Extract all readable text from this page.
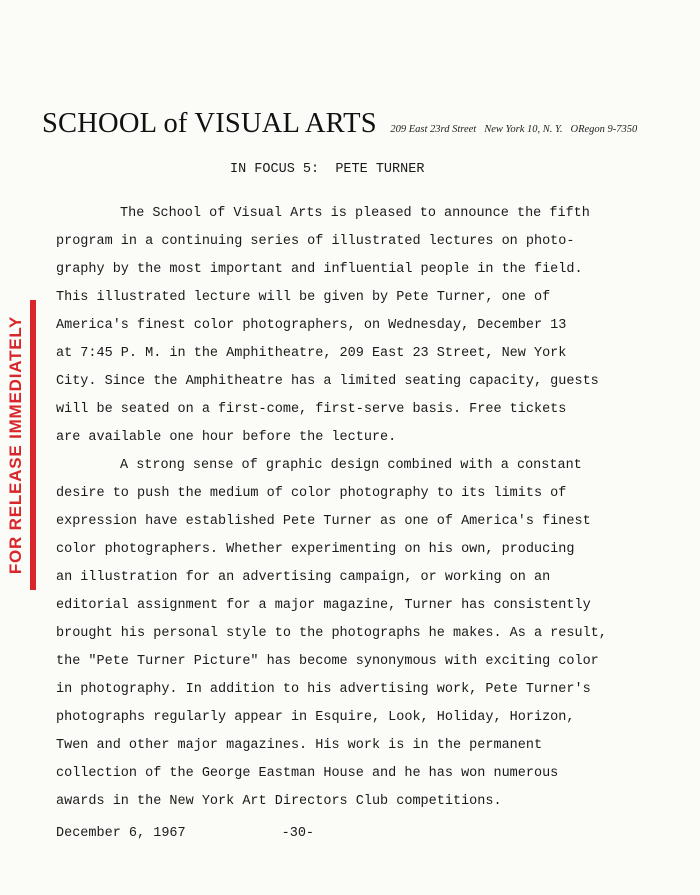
SCHOOL of VISUAL ARTS 209 East 23rd Street New York 10, N. Y. ORegon 9-7350
IN FOCUS 5:  PETE TURNER
FOR RELEASE IMMEDIATELY
The School of Visual Arts is pleased to announce the fifth
program in a continuing series of illustrated lectures on photo-
graphy by the most important and influential people in the field.
This illustrated lecture will be given by Pete Turner, one of
America's finest color photographers, on Wednesday, December 13
at 7:45 P. M. in the Amphitheatre, 209 East 23 Street, New York
City. Since the Amphitheatre has a limited seating capacity, guests
will be seated on a first-come, first-serve basis. Free tickets
are available one hour before the lecture.
A strong sense of graphic design combined with a constant
desire to push the medium of color photography to its limits of
expression have established Pete Turner as one of America's finest
color photographers. Whether experimenting on his own, producing
an illustration for an advertising campaign, or working on an
editorial assignment for a major magazine, Turner has consistently
brought his personal style to the photographs he makes. As a result,
the "Pete Turner Picture" has become synonymous with exciting color
in photography. In addition to his advertising work, Pete Turner's
photographs regularly appear in Esquire, Look, Holiday, Horizon,
Twen and other major magazines. His work is in the permanent
collection of the George Eastman House and he has won numerous
awards in the New York Art Directors Club competitions.
December 6, 1967	-30-
